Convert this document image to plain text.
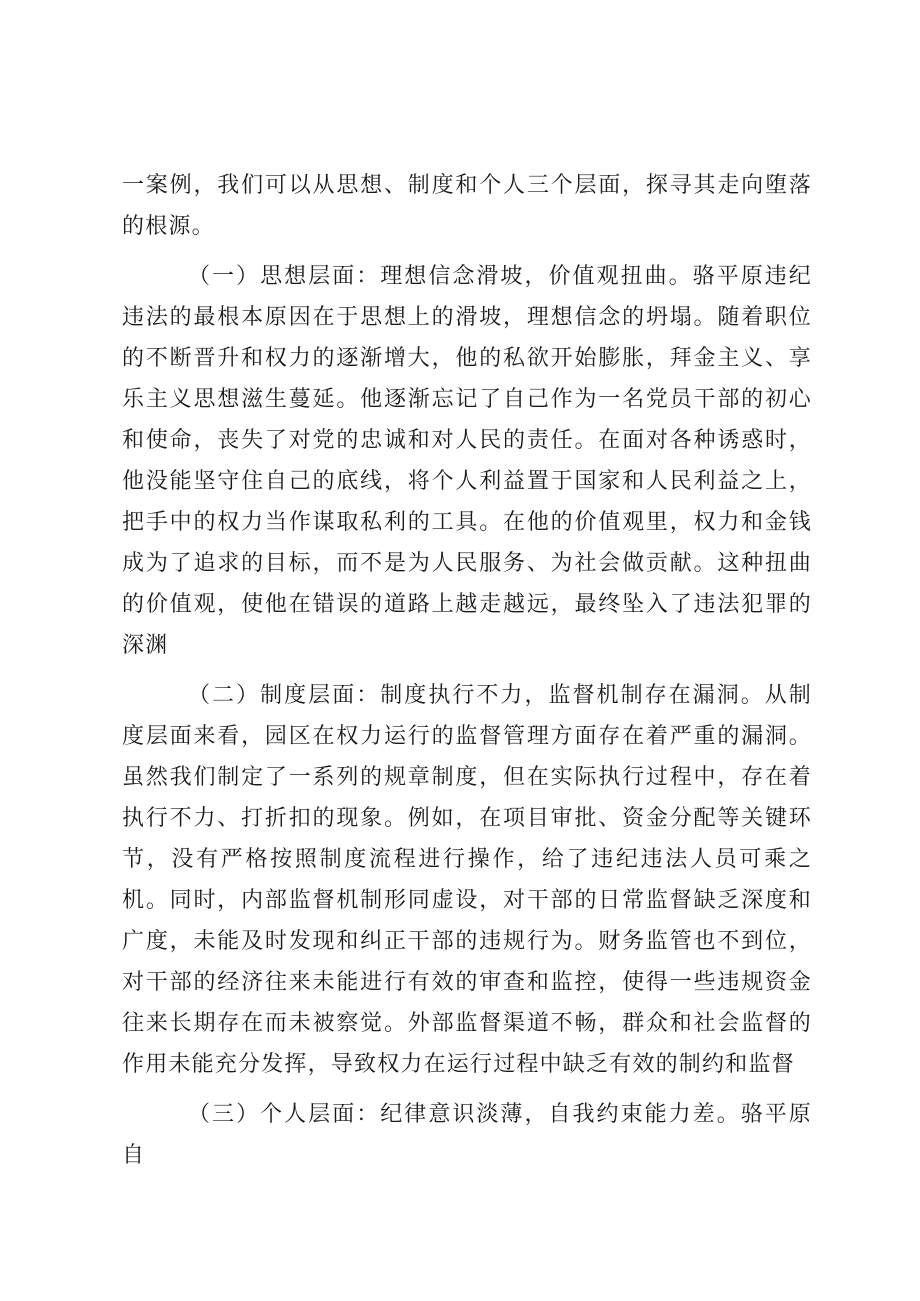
一案例，我们可以从思想、制度和个人三个层面，探寻其走向堕落的根源。

（一）思想层面：理想信念滑坡，价值观扭曲。骆平原违纪违法的最根本原因在于思想上的滑坡，理想信念的坍塌。随着职位的不断晋升和权力的逐渐增大，他的私欲开始膨胀，拜金主义、享乐主义思想滋生蔓延。他逐渐忘记了自己作为一名党员干部的初心和使命，丧失了对党的忠诚和对人民的责任。在面对各种诱惑时，他没能坚守住自己的底线，将个人利益置于国家和人民利益之上，把手中的权力当作谋取私利的工具。在他的价值观里，权力和金钱成为了追求的目标，而不是为人民服务、为社会做贡献。这种扭曲的价值观，使他在错误的道路上越走越远，最终坠入了违法犯罪的深渊

（二）制度层面：制度执行不力，监督机制存在漏洞。从制度层面来看，园区在权力运行的监督管理方面存在着严重的漏洞。虽然我们制定了一系列的规章制度，但在实际执行过程中，存在着执行不力、打折扣的现象。例如，在项目审批、资金分配等关键环节，没有严格按照制度流程进行操作，给了违纪违法人员可乘之机。同时，内部监督机制形同虚设，对干部的日常监督缺乏深度和广度，未能及时发现和纠正干部的违规行为。财务监管也不到位，对干部的经济往来未能进行有效的审查和监控，使得一些违规资金往来长期存在而未被察觉。外部监督渠道不畅，群众和社会监督的作用未能充分发挥，导致权力在运行过程中缺乏有效的制约和监督

（三）个人层面：纪律意识淡薄，自我约束能力差。骆平原自
